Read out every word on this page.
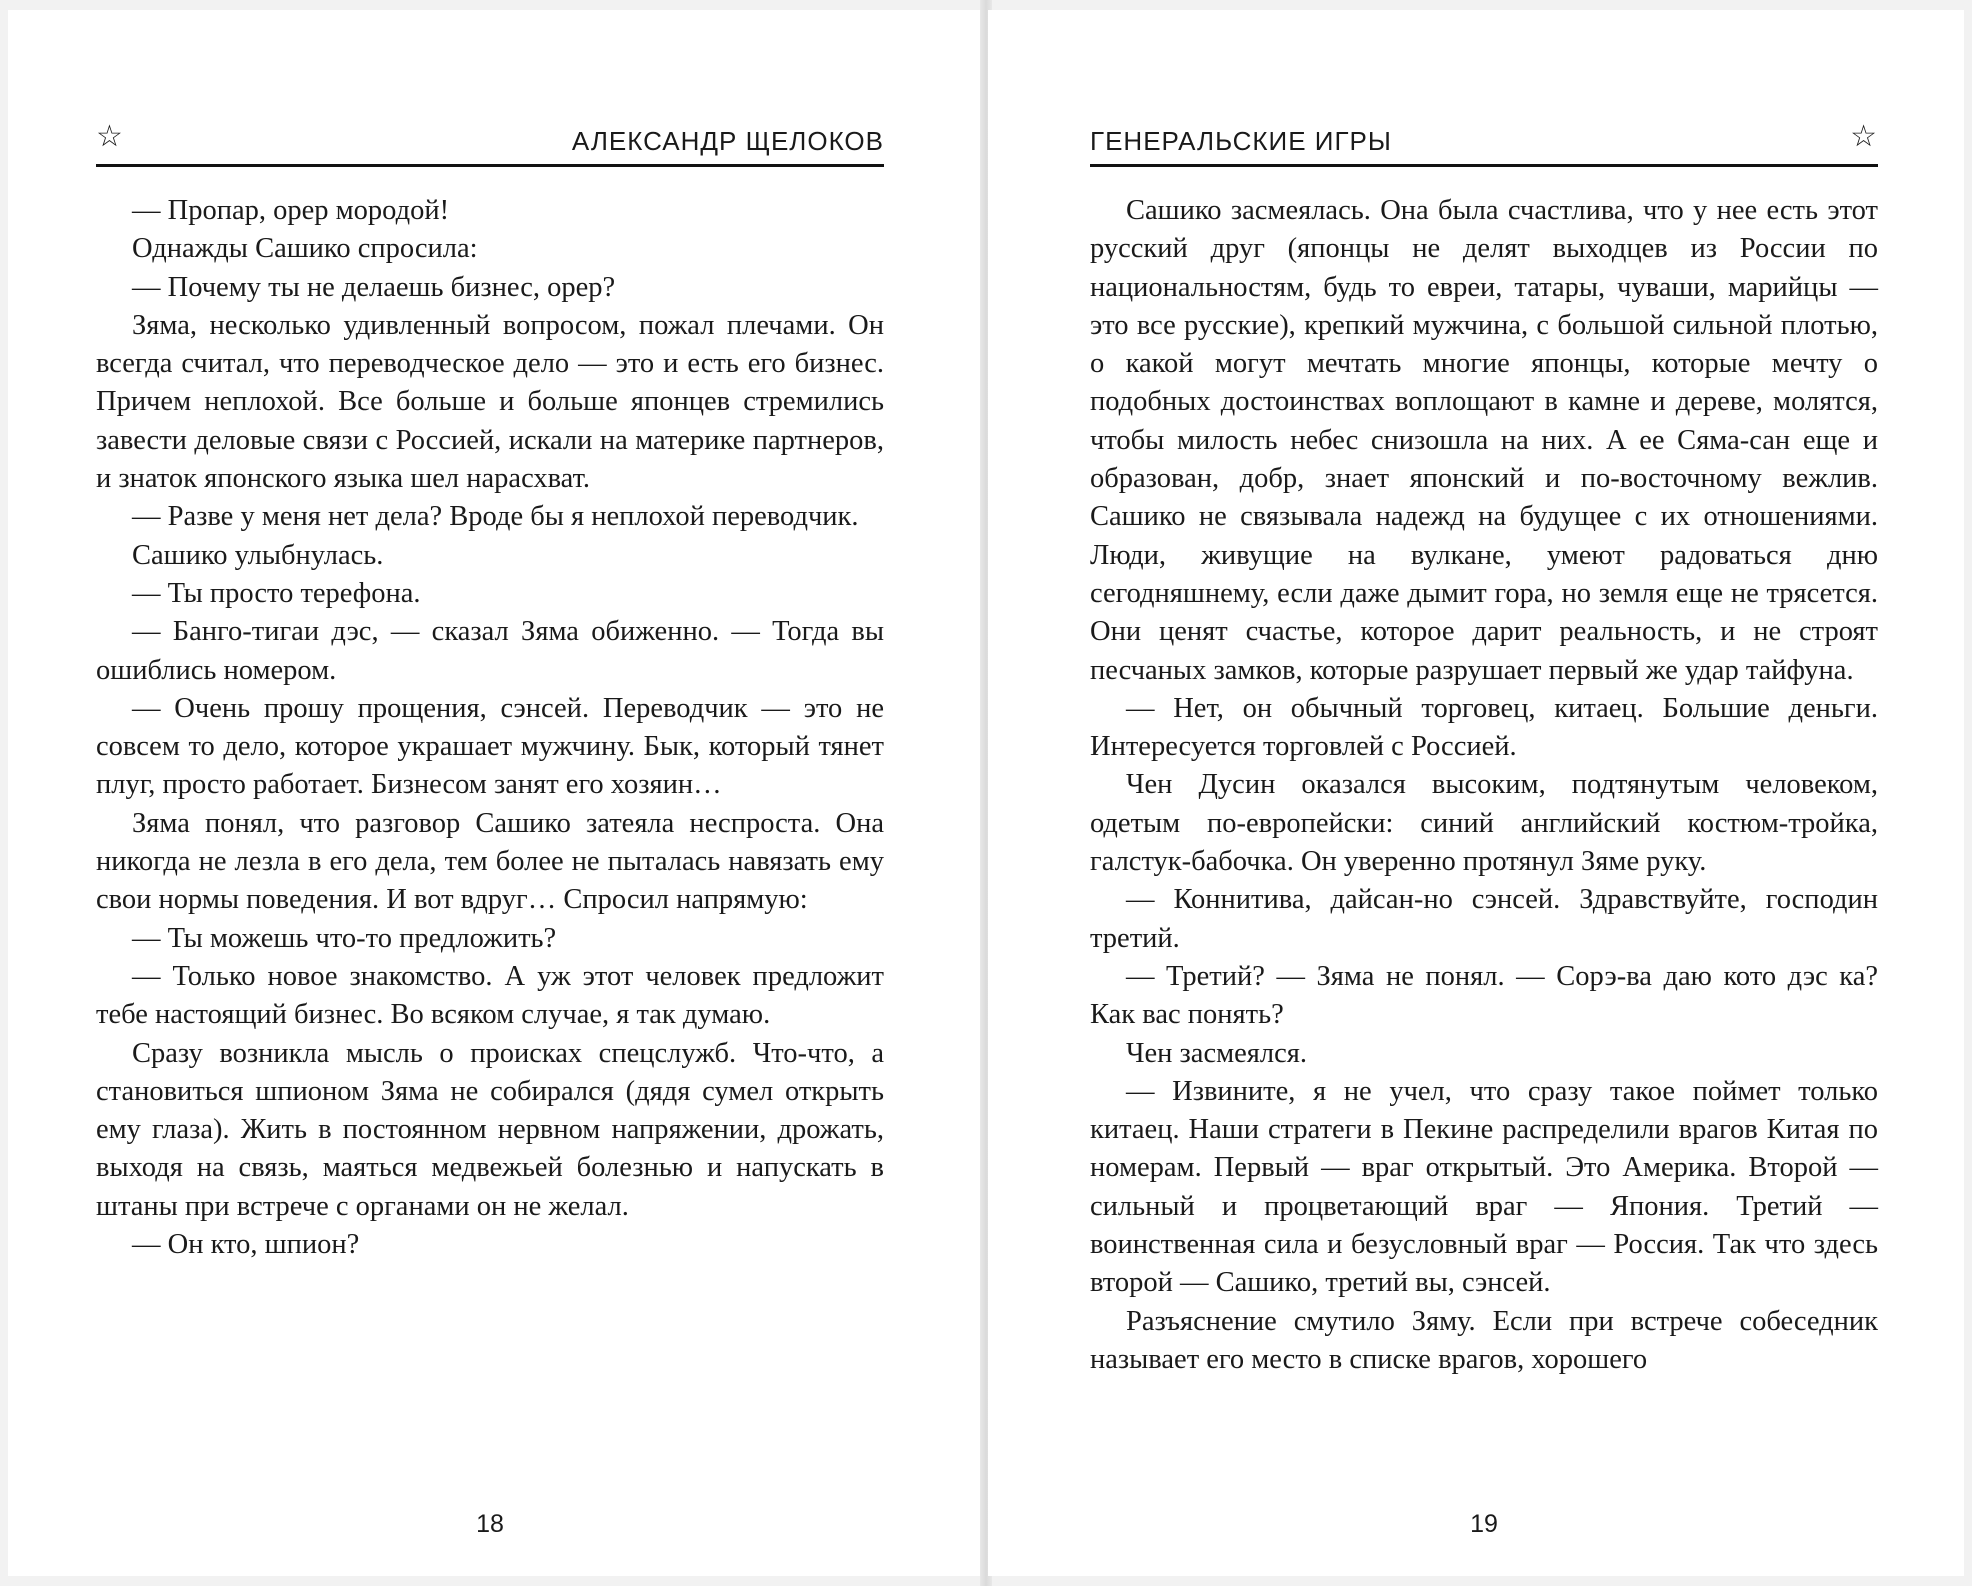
☆	АЛЕКСАНДР ЩЕЛОКОВ

— Пропар, орер мородой!

Однажды Сашико спросила:

— Почему ты не делаешь бизнес, орер?

Зяма, несколько удивленный вопросом, пожал плечами. Он всегда считал, что переводческое дело — это и есть его бизнес. Причем неплохой. Все больше и больше японцев стремились завести деловые связи с Россией, искали на материке партнеров, и знаток японского языка шел нарасхват.

— Разве у меня нет дела? Вроде бы я неплохой переводчик.

Сашико улыбнулась.

— Ты просто терефона.

— Банго-тигаи дэс, — сказал Зяма обиженно. — Тогда вы ошиблись номером.

— Очень прошу прощения, сэнсей. Переводчик — это не совсем то дело, которое украшает мужчину. Бык, который тянет плуг, просто работает. Бизнесом занят его хозяин…

Зяма понял, что разговор Сашико затеяла неспроста. Она никогда не лезла в его дела, тем более не пыталась навязать ему свои нормы поведения. И вот вдруг… Спросил напрямую:

— Ты можешь что-то предложить?

— Только новое знакомство. А уж этот человек предложит тебе настоящий бизнес. Во всяком случае, я так думаю.

Сразу возникла мысль о происках спецслужб. Что-что, а становиться шпионом Зяма не собирался (дядя сумел открыть ему глаза). Жить в постоянном нервном напряжении, дрожать, выходя на связь, маяться медвежьей болезнью и напускать в штаны при встрече с органами он не желал.

— Он кто, шпион?

18
ГЕНЕРАЛЬСКИЕ ИГРЫ	☆

Сашико засмеялась. Она была счастлива, что у нее есть этот русский друг (японцы не делят выходцев из России по национальностям, будь то евреи, татары, чуваши, марийцы — это все русские), крепкий мужчина, с большой сильной плотью, о какой могут мечтать многие японцы, которые мечту о подобных достоинствах воплощают в камне и дереве, молятся, чтобы милость небес снизошла на них. А ее Сяма-сан еще и образован, добр, знает японский и по-восточному вежлив. Сашико не связывала надежд на будущее с их отношениями. Люди, живущие на вулкане, умеют радоваться дню сегодняшнему, если даже дымит гора, но земля еще не трясется. Они ценят счастье, которое дарит реальность, и не строят песчаных замков, которые разрушает первый же удар тайфуна.

— Нет, он обычный торговец, китаец. Большие деньги. Интересуется торговлей с Россией.

Чен Дусин оказался высоким, подтянутым человеком, одетым по-европейски: синий английский костюм-тройка, галстук-бабочка. Он уверенно протянул Зяме руку.

— Коннитива, дайсан-но сэнсей. Здравствуйте, господин третий.

— Третий? — Зяма не понял. — Сорэ-ва даю кото дэс ка? Как вас понять?

Чен засмеялся.

— Извините, я не учел, что сразу такое поймет только китаец. Наши стратеги в Пекине распределили врагов Китая по номерам. Первый — враг открытый. Это Америка. Второй — сильный и процветающий враг — Япония. Третий — воинственная сила и безусловный враг — Россия. Так что здесь второй — Сашико, третий вы, сэнсей.

Разъяснение смутило Зяму. Если при встрече собеседник называет его место в списке врагов, хорошего

19
